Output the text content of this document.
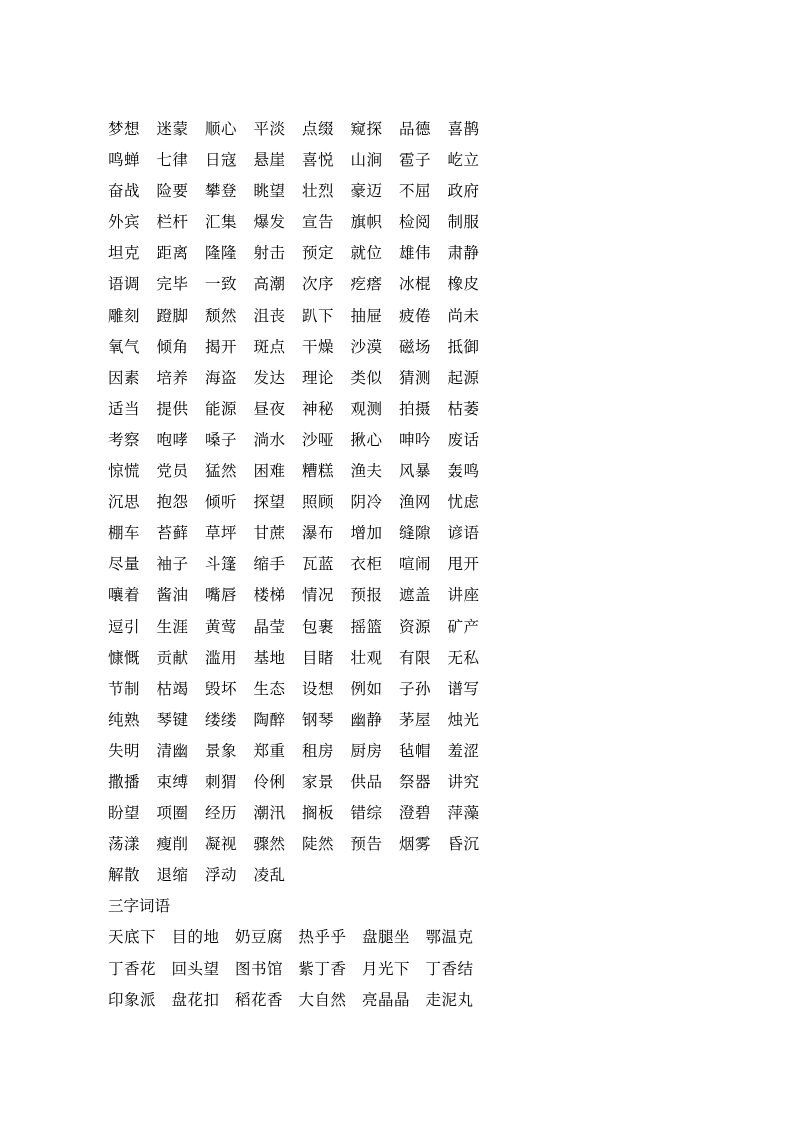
梦想 迷蒙 顺心 平淡 点缀 窥探 品德 喜鹊
鸣蝉 七律 日寇 悬崖 喜悦 山涧 雹子 屹立
奋战 险要 攀登 眺望 壮烈 豪迈 不屈 政府
外宾 栏杆 汇集 爆发 宣告 旗帜 检阅 制服
坦克 距离 隆隆 射击 预定 就位 雄伟 肃静
语调 完毕 一致 高潮 次序 疙瘩 冰棍 橡皮
雕刻 蹬脚 颓然 沮丧 趴下 抽屉 疲倦 尚未
氧气 倾角 揭开 斑点 干燥 沙漠 磁场 抵御
因素 培养 海盗 发达 理论 类似 猜测 起源
适当 提供 能源 昼夜 神秘 观测 拍摄 枯萎
考察 咆哮 嗓子 淌水 沙哑 揪心 呻吟 废话
惊慌 党员 猛然 困难 糟糕 渔夫 风暴 轰鸣
沉思 抱怨 倾听 探望 照顾 阴冷 渔网 忧虑
棚车 苔藓 草坪 甘蔗 瀑布 增加 缝隙 谚语
尽量 袖子 斗篷 缩手 瓦蓝 衣柜 喧闹 甩开
嚷着 酱油 嘴唇 楼梯 情况 预报 遮盖 讲座
逗引 生涯 黄莺 晶莹 包裹 摇篮 资源 矿产
慷慨 贡献 滥用 基地 目睹 壮观 有限 无私
节制 枯竭 毁坏 生态 设想 例如 子孙 谱写
纯熟 琴键 缕缕 陶醉 钢琴 幽静 茅屋 烛光
失明 清幽 景象 郑重 租房 厨房 毡帽 羞涩
撒播 束缚 刺猬 伶俐 家景 供品 祭器 讲究
盼望 项圈 经历 潮汛 搁板 错综 澄碧 萍藻
荡漾 瘦削 凝视 骤然 陡然 预告 烟雾 昏沉
解散 退缩 浮动 凌乱
三字词语
天底下 目的地 奶豆腐 热乎乎 盘腿坐 鄂温克
丁香花 回头望 图书馆 紫丁香 月光下 丁香结
印象派 盘花扣 稻花香 大自然 亮晶晶 走泥丸
